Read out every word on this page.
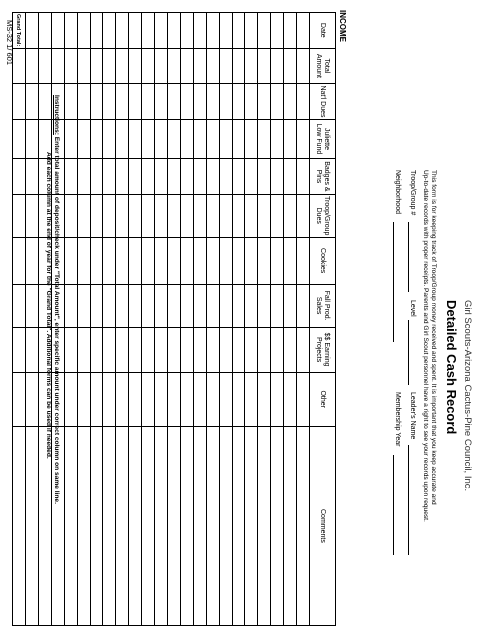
Girl Scouts-Arizona Cactus-Pine Council, Inc.
Detailed Cash Record
This form is for keeping track of Troop/Group money received and spent. It is important that you keep accurate and
Up-to-date records with proper receipts. Parents and Girl Scout personnel have a right to see your records upon request.
Troop/Group #
Level
Leader's Name
Neighborhood
Membership Year
INCOME
Date
Grand Total:
Total Amount
Nat'l Dues
Juliette Low Fund
Badges & Pins
Troop/Group Dues
Cookies
Fall Prod. Sales
$$ Earning Projects
Other
Comments
Instructions: Enter total amount of deposit/check under "Total Amount", enter specific amount under correct column on same line.
Add each column at the end of year for the "Grand Total". Additional forms can be used if needed.
MS-32 1/ 601
